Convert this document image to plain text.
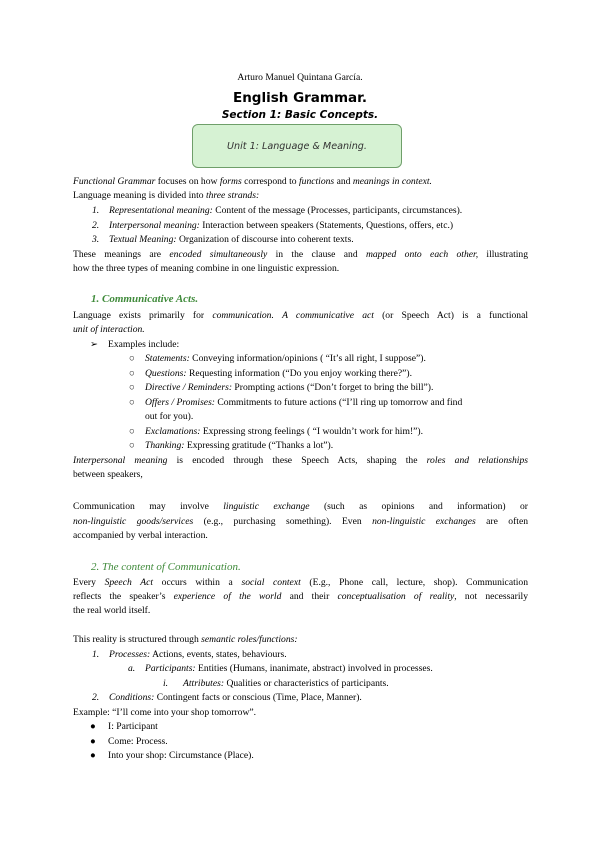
Arturo Manuel Quintana García.
English Grammar.
Section 1: Basic Concepts.
Unit 1: Language & Meaning.
Functional Grammar focuses on how forms correspond to functions and meanings in context.
Language meaning is divided into three strands:
1. Representational meaning: Content of the message (Processes, participants, circumstances).
2. Interpersonal meaning: Interaction between speakers (Statements, Questions, offers, etc.)
3. Textual Meaning: Organization of discourse into coherent texts.
These meanings are encoded simultaneously in the clause and mapped onto each other, illustrating
how the three types of meaning combine in one linguistic expression.
1. Communicative Acts.
Language exists primarily for communication. A communicative act (or Speech Act) is a functional
unit of interaction.
➢ Examples include:
○ Statements: Conveying information/opinions ( “It’s all right, I suppose”).
○ Questions: Requesting information (“Do you enjoy working there?”).
○ Directive / Reminders: Prompting actions (“Don’t forget to bring the bill”).
○ Offers / Promises: Commitments to future actions (“I’ll ring up tomorrow and find
out for you).
○ Exclamations: Expressing strong feelings ( “I wouldn’t work for him!”).
○ Thanking: Expressing gratitude (“Thanks a lot”).
Interpersonal meaning is encoded through these Speech Acts, shaping the roles and relationships
between speakers,
Communication may involve linguistic exchange (such as opinions and information) or
non-linguistic goods/services (e.g., purchasing something). Even non-linguistic exchanges are often
accompanied by verbal interaction.
2. The content of Communication.
Every Speech Act occurs within a social context (E.g., Phone call, lecture, shop). Communication
reflects the speaker’s experience of the world and their conceptualisation of reality, not necessarily
the real world itself.
This reality is structured through semantic roles/functions:
1. Processes: Actions, events, states, behaviours.
a. Participants: Entities (Humans, inanimate, abstract) involved in processes.
i. Attributes: Qualities or characteristics of participants.
2. Conditions: Contingent facts or conscious (Time, Place, Manner).
Example: “I’ll come into your shop tomorrow”.
● I: Participant
● Come: Process.
● Into your shop: Circumstance (Place).
